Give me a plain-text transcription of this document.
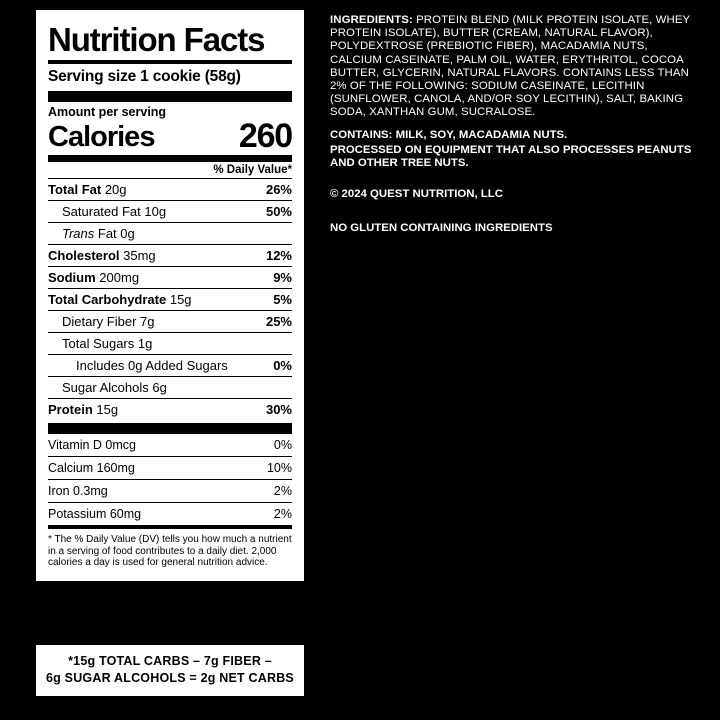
Nutrition Facts
Serving size 1 cookie (58g)
Amount per serving
Calories 260
% Daily Value*
Total Fat 20g	26%
Saturated Fat 10g	50%
Trans Fat 0g
Cholesterol 35mg	12%
Sodium 200mg	9%
Total Carbohydrate 15g	5%
Dietary Fiber 7g	25%
Total Sugars 1g
Includes 0g Added Sugars	0%
Sugar Alcohols 6g
Protein 15g	30%
Vitamin D 0mcg	0%
Calcium 160mg	10%
Iron 0.3mg	2%
Potassium 60mg	2%
* The % Daily Value (DV) tells you how much a nutrient in a serving of food contributes to a daily diet. 2,000 calories a day is used for general nutrition advice.
*15g TOTAL CARBS – 7g FIBER –
6g SUGAR ALCOHOLS = 2g NET CARBS
INGREDIENTS: PROTEIN BLEND (MILK PROTEIN ISOLATE, WHEY PROTEIN ISOLATE), BUTTER (CREAM, NATURAL FLAVOR), POLYDEXTROSE (PREBIOTIC FIBER), MACADAMIA NUTS, CALCIUM CASEINATE, PALM OIL, WATER, ERYTHRITOL, COCOA BUTTER, GLYCERIN, NATURAL FLAVORS. CONTAINS LESS THAN 2% OF THE FOLLOWING: SODIUM CASEINATE, LECITHIN (SUNFLOWER, CANOLA, AND/OR SOY LECITHIN), SALT, BAKING SODA, XANTHAN GUM, SUCRALOSE.
CONTAINS: MILK, SOY, MACADAMIA NUTS.
PROCESSED ON EQUIPMENT THAT ALSO PROCESSES PEANUTS AND OTHER TREE NUTS.
© 2024 QUEST NUTRITION, LLC
NO GLUTEN CONTAINING INGREDIENTS
